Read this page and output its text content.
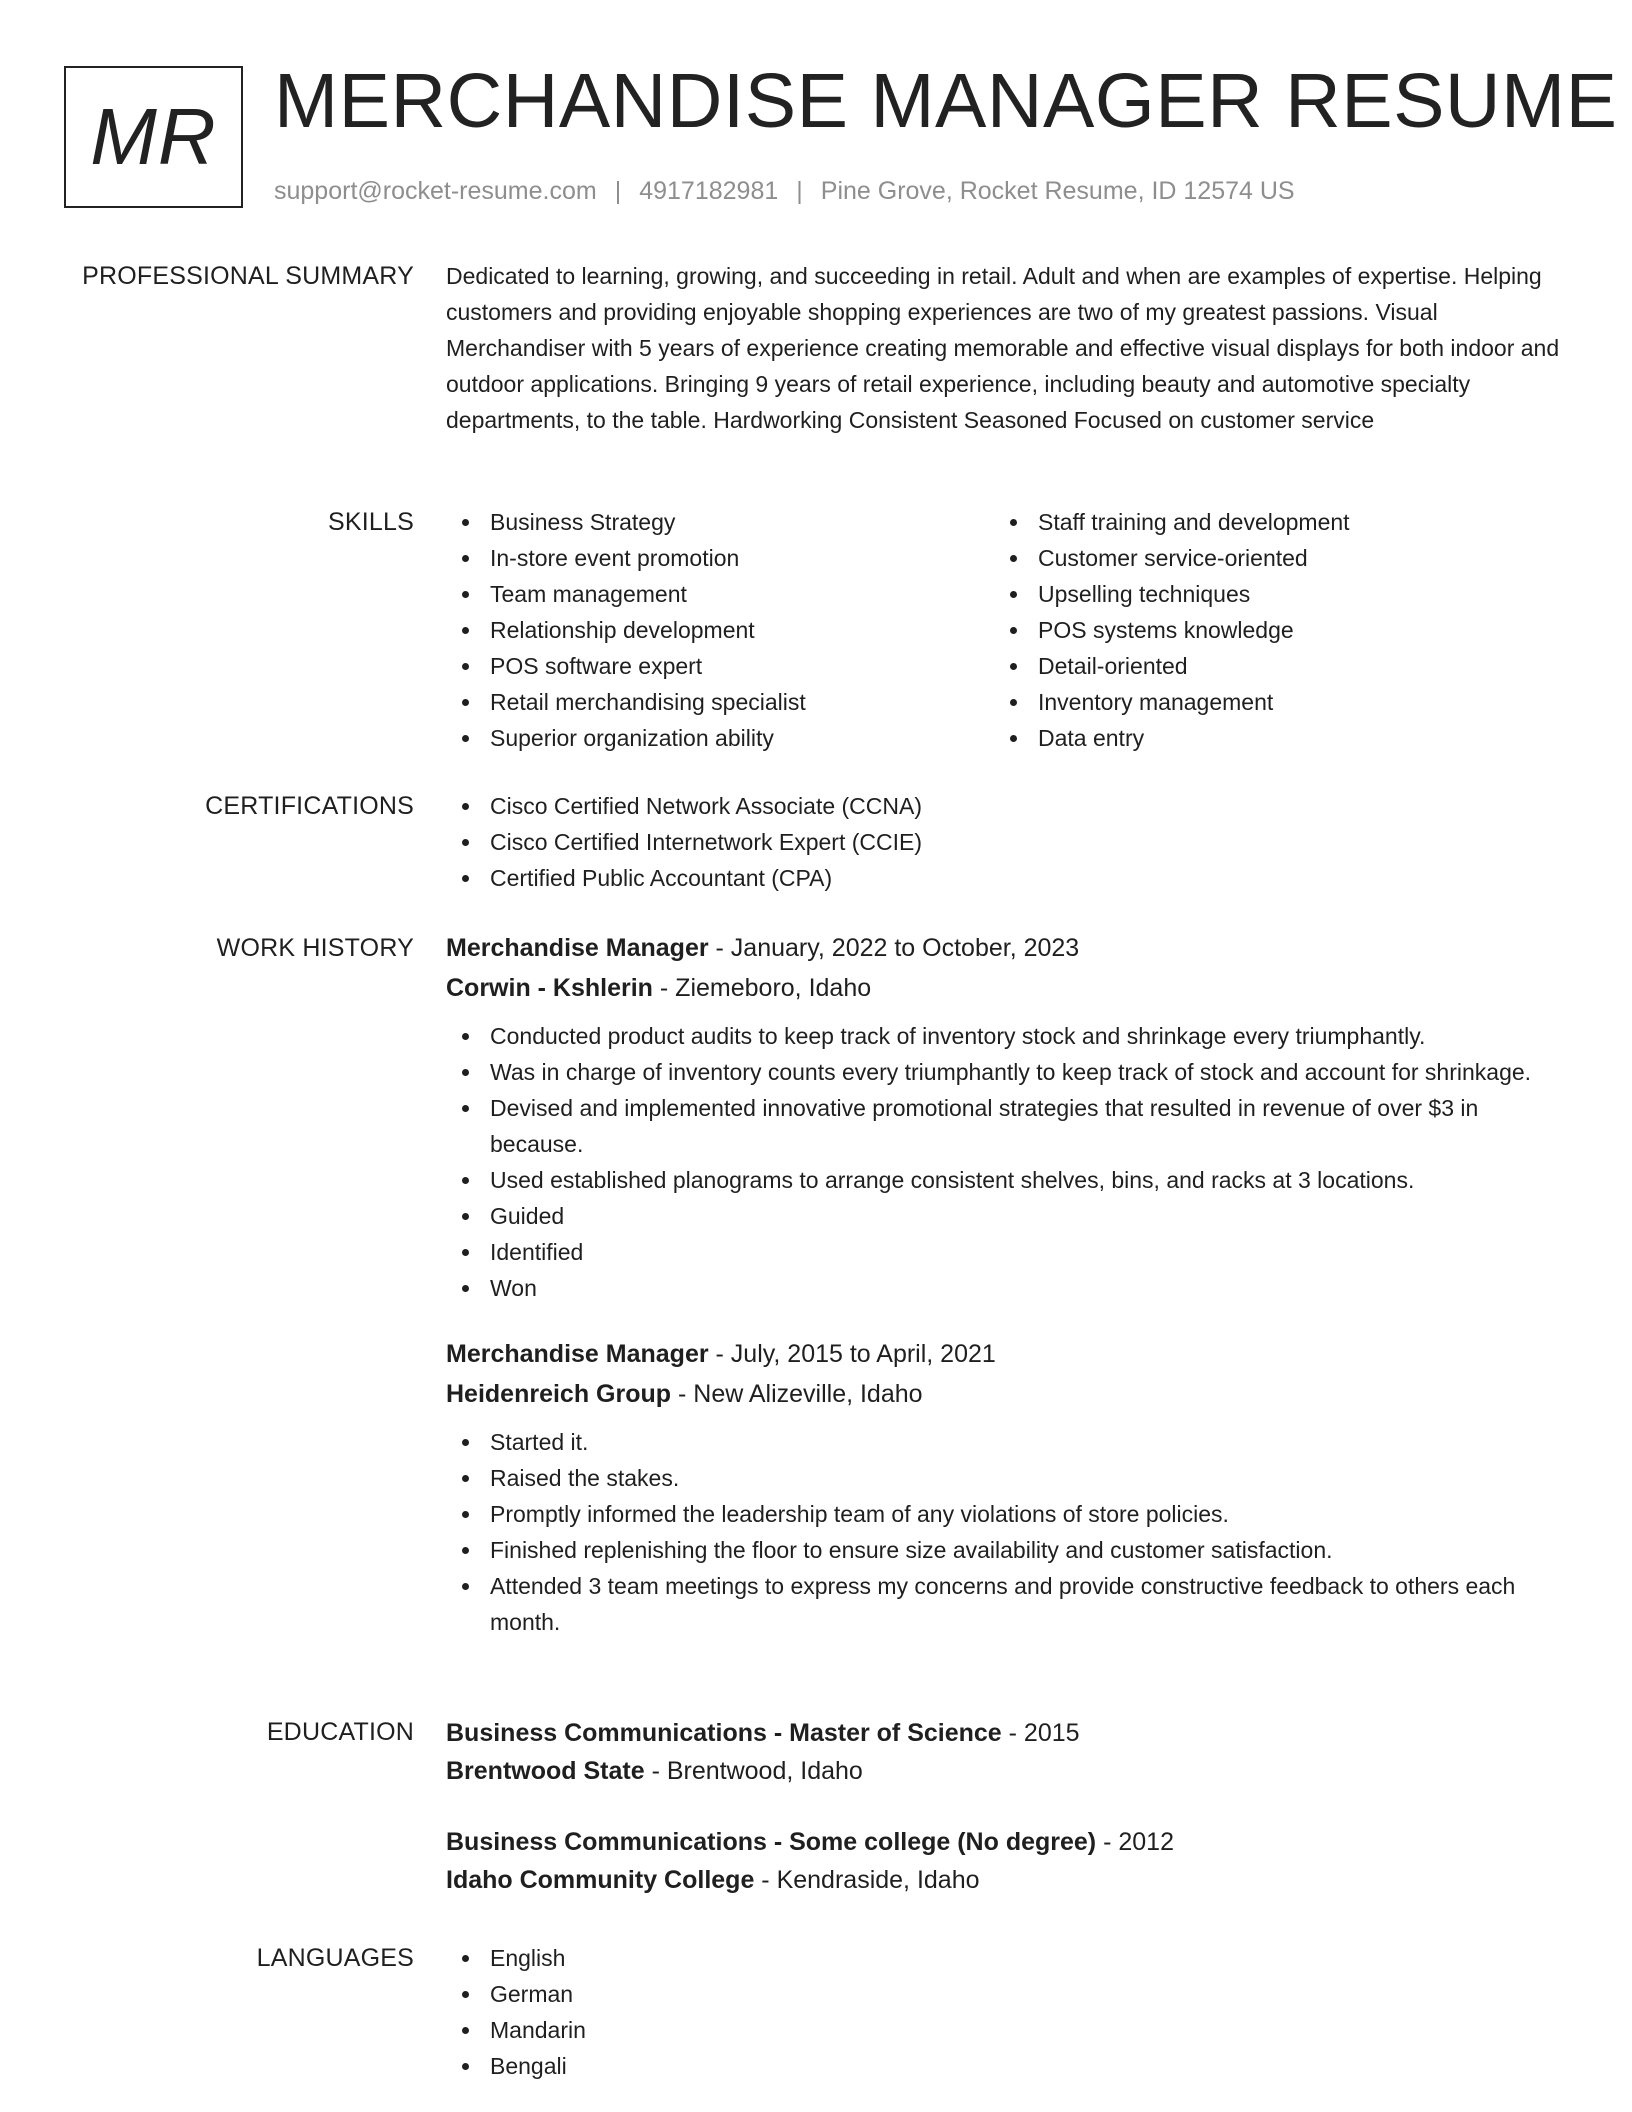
MR MERCHANDISE MANAGER RESUME
support@rocket-resume.com | 4917182981 | Pine Grove, Rocket Resume, ID 12574 US
PROFESSIONAL SUMMARY Dedicated to learning, growing, and succeeding in retail. Adult and when are examples of expertise. Helping customers and providing enjoyable shopping experiences are two of my greatest passions. Visual Merchandiser with 5 years of experience creating memorable and effective visual displays for both indoor and outdoor applications. Bringing 9 years of retail experience, including beauty and automotive specialty departments, to the table. Hardworking Consistent Seasoned Focused on customer service

SKILLS	Business Strategy
In-store event promotion
Team management
Relationship development
POS software expert
Retail merchandising specialist
Superior organization ability
Staff training and development
Customer service-oriented
Upselling techniques
POS systems knowledge
Detail-oriented
Inventory management
Data entry
CERTIFICATIONS	Cisco Certified Network Associate (CCNA)
Cisco Certified Internetwork Expert (CCIE)
Certified Public Accountant (CPA)
WORK HISTORY Merchandise Manager - January, 2022 to October, 2023
Corwin - Kshlerin - Ziemeboro, Idaho
Conducted product audits to keep track of inventory stock and shrinkage every triumphantly.
Was in charge of inventory counts every triumphantly to keep track of stock and account for shrinkage.
Devised and implemented innovative promotional strategies that resulted in revenue of over $3 in because.
Used established planograms to arrange consistent shelves, bins, and racks at 3 locations.
Guided
Identified
Won
Merchandise Manager - July, 2015 to April, 2021
Heidenreich Group - New Alizeville, Idaho
Started it.
Raised the stakes.
Promptly informed the leadership team of any violations of store policies.
Finished replenishing the floor to ensure size availability and customer satisfaction.
Attended 3 team meetings to express my concerns and provide constructive feedback to others each month.
EDUCATION Business Communications - Master of Science - 2015
Brentwood State - Brentwood, Idaho
Business Communications - Some college (No degree) - 2012
Idaho Community College - Kendraside, Idaho
LANGUAGES	English
German
Mandarin
Bengali
